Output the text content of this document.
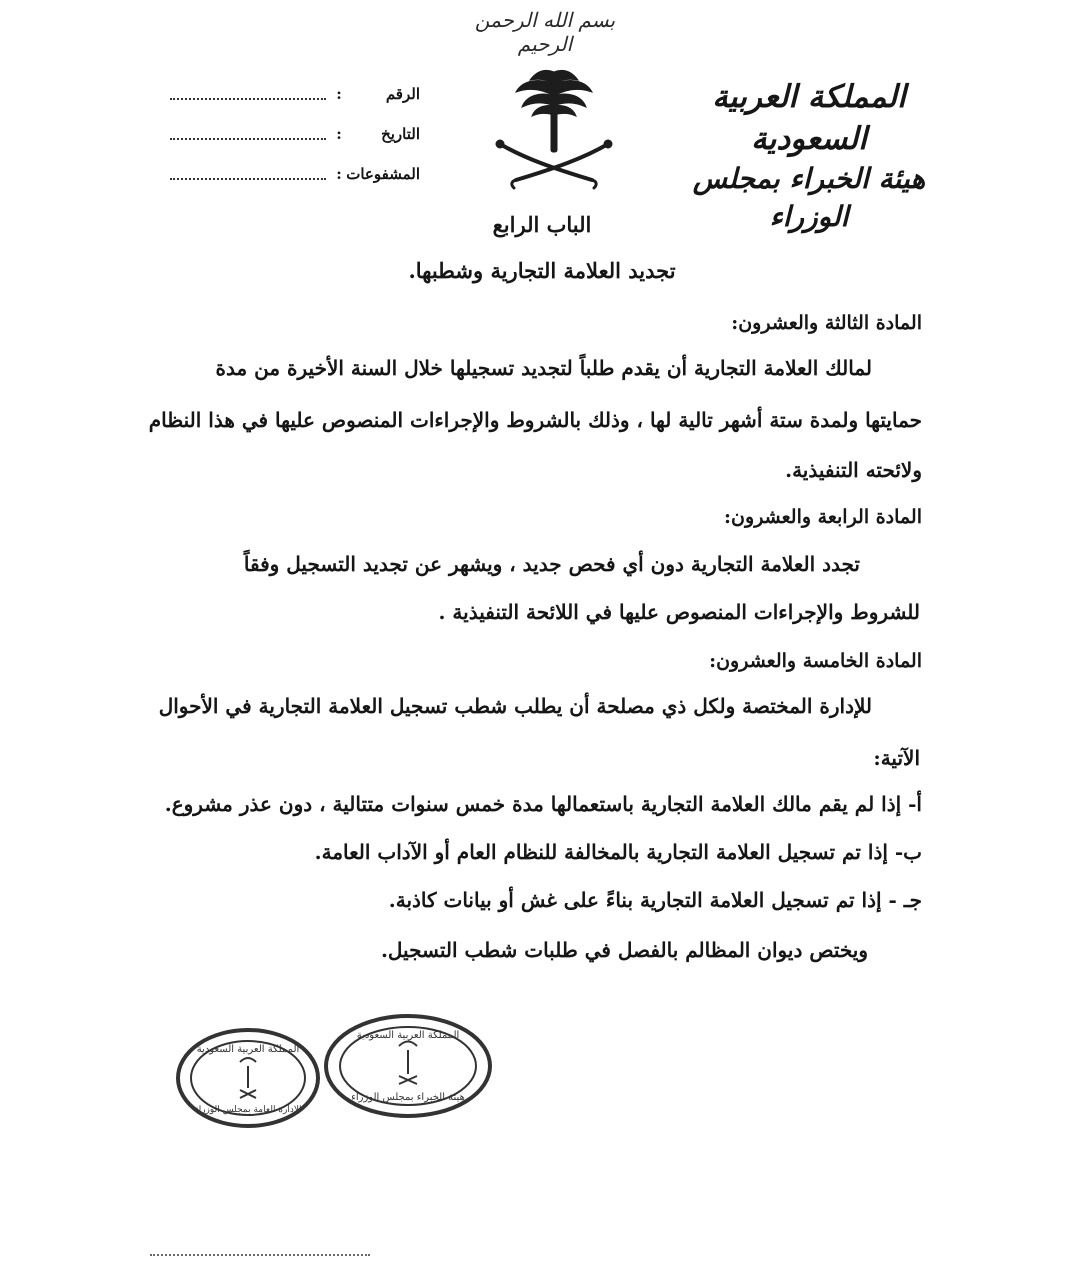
بسم الله الرحمن الرحيم
المملكة العربية السعودية
هيئة الخبراء بمجلس الوزراء
الرقم
:
التاريخ
:
المشفوعات
:
الباب الرابع
تجديد العلامة التجارية وشطبها.
المادة الثالثة والعشرون:
لمالك العلامة التجارية أن يقدم طلباً لتجديد تسجيلها خلال السنة الأخيرة من مدة
حمايتها ولمدة ستة أشهر تالية لها ، وذلك بالشروط والإجراءات المنصوص عليها في هذا النظام
ولائحته التنفيذية.
المادة الرابعة والعشرون:
تجدد العلامة التجارية دون أي فحص جديد ، ويشهر عن تجديد التسجيل وفقاً
للشروط والإجراءات المنصوص عليها في اللائحة التنفيذية .
المادة الخامسة والعشرون:
للإدارة المختصة ولكل ذي مصلحة أن يطلب شطب تسجيل العلامة التجارية في الأحوال
الآتية:
أ- إذا لم يقم مالك العلامة التجارية باستعمالها مدة خمس سنوات متتالية ، دون عذر مشروع.
ب- إذا تم تسجيل العلامة التجارية بالمخالفة للنظام العام أو الآداب العامة.
جـ - إذا تم تسجيل العلامة التجارية بناءً على غش أو بيانات كاذبة.
ويختص ديوان المظالم بالفصل في طلبات شطب التسجيل.
المملكة العربية السعودية
الإدارة العامة بمجلس الوزراء
المملكة العربية السعودية
هيئة الخبراء بمجلس الوزراء
